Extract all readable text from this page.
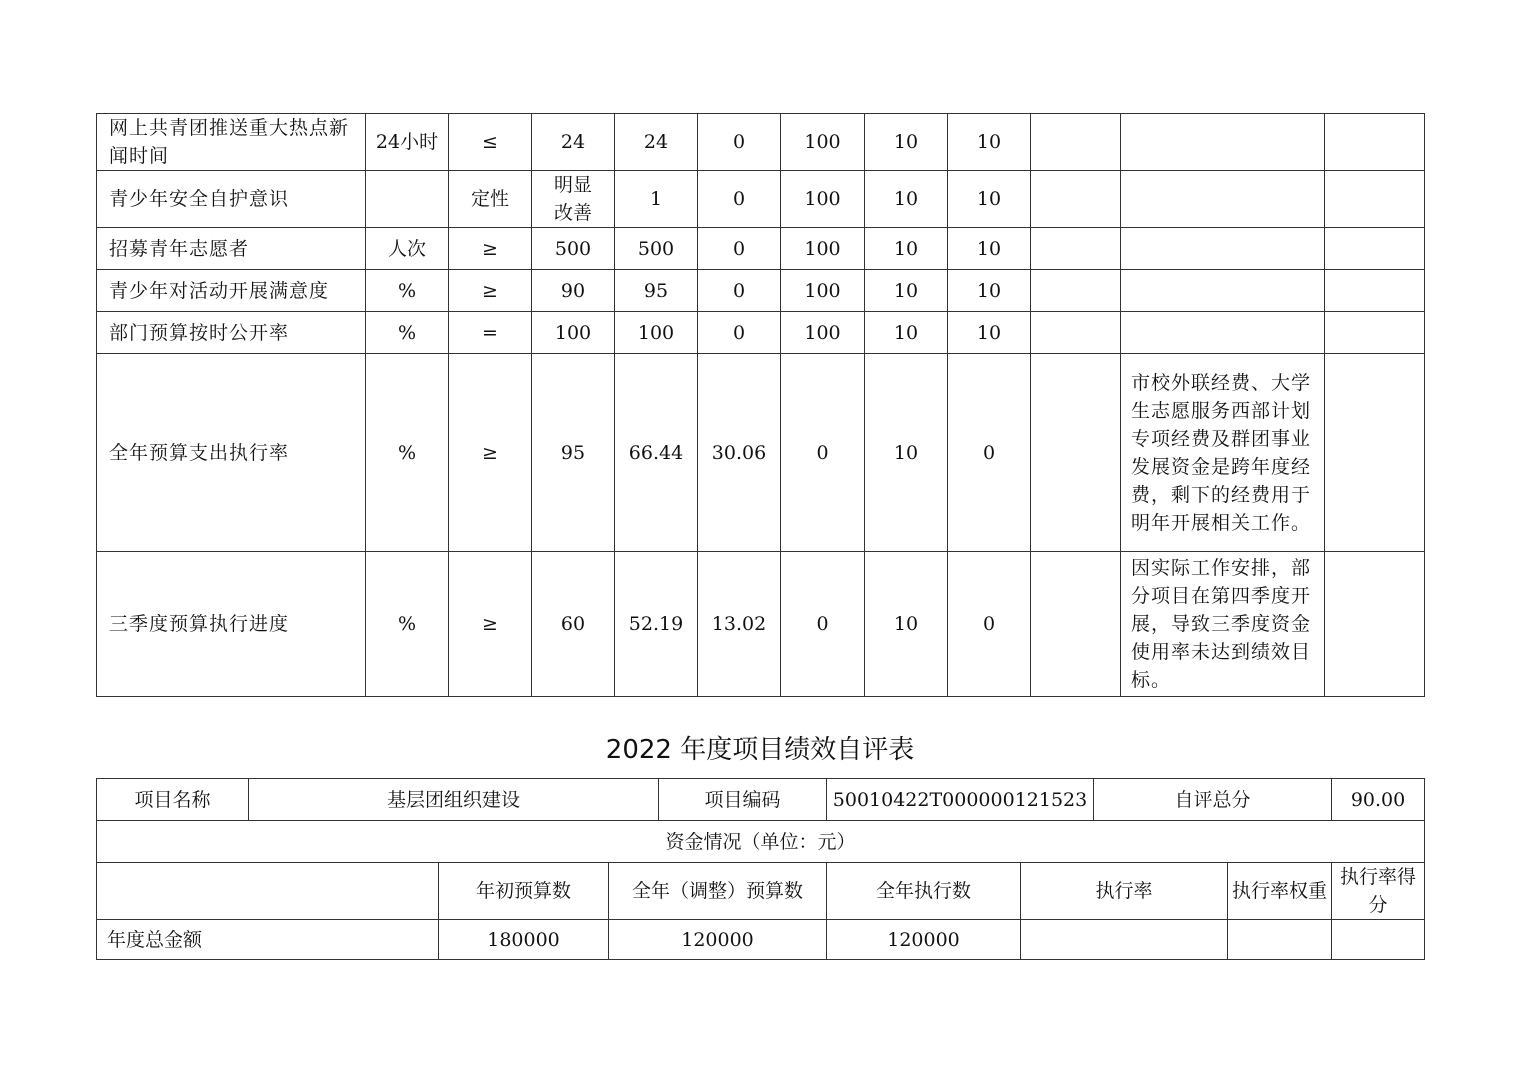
网上共青团推送重大热点新闻时间	24小时	≤	24	24	0	100	10	10			
青少年安全自护意识		定性	明显改善	1	0	100	10	10			
招募青年志愿者	人次	≥	500	500	0	100	10	10			
青少年对活动开展满意度	%	≥	90	95	0	100	10	10			
部门预算按时公开率	%	=	100	100	0	100	10	10			
全年预算支出执行率	%	≥	95	66.44	30.06	0	10	0		市校外联经费、大学生志愿服务西部计划专项经费及群团事业发展资金是跨年度经费，剩下的经费用于明年开展相关工作。	
三季度预算执行进度	%	≥	60	52.19	13.02	0	10	0		因实际工作安排，部分项目在第四季度开展，导致三季度资金使用率未达到绩效目标。	
2022 年度项目绩效自评表
项目名称	基层团组织建设			项目编码	50010422T000000121523		自评总分		90.00
资金情况（单位：元）									
		年初预算数	全年（调整）预算数		全年执行数	执行率		执行率权重	执行率得分
年度总金额		180000	120000		120000				
